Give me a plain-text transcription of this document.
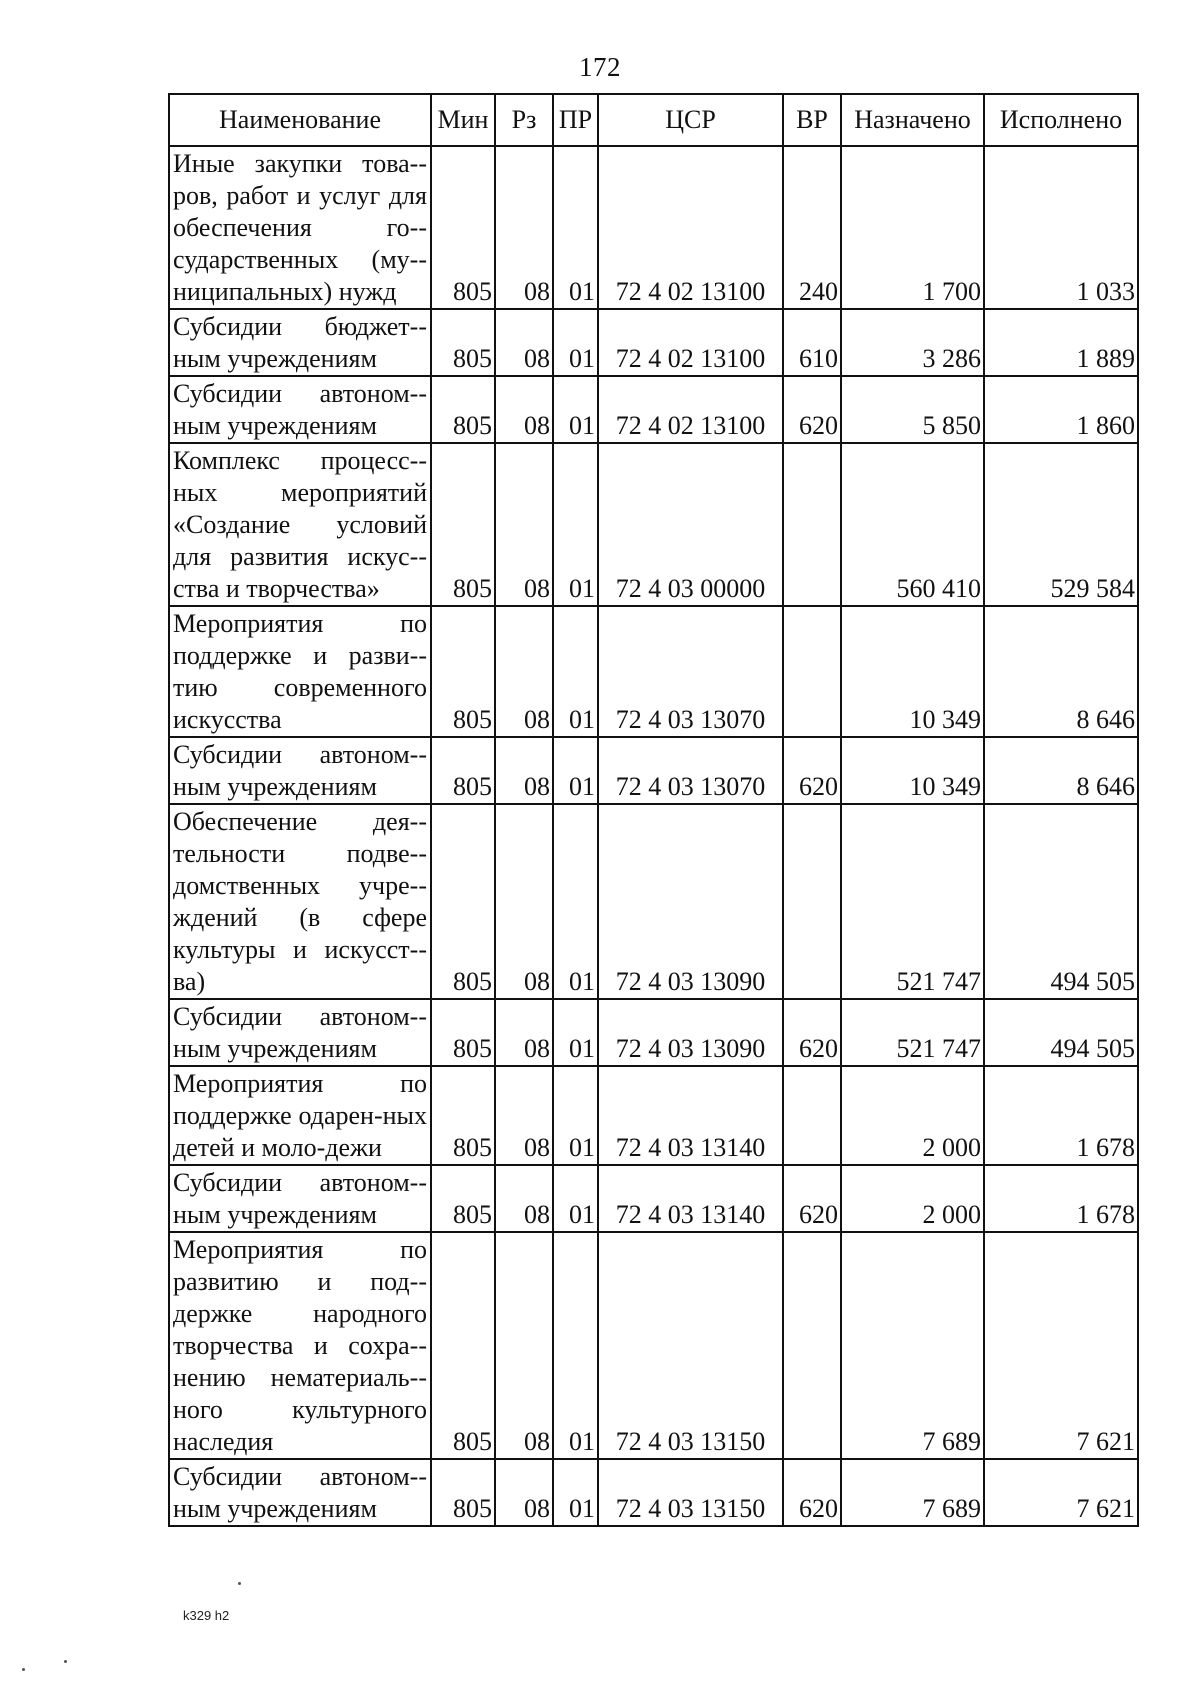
172
Наименование	Мин	Рз	ПР	ЦСР	ВР	Назначено	Исполнено
Иные закупки това-ров, работ и услуг для обеспечения го-сударственных (му-ниципальных) нужд	805	08	01	72 4 02 13100	240	1 700	1 033
Субсидии бюджет-ным учреждениям	805	08	01	72 4 02 13100	610	3 286	1 889
Субсидии автоном-ным учреждениям	805	08	01	72 4 02 13100	620	5 850	1 860
Комплекс процесс-ных мероприятий «Создание условий для развития искус-ства и творчества»	805	08	01	72 4 03 00000		560 410	529 584
Мероприятия по поддержке и разви-тию современного искусства	805	08	01	72 4 03 13070		10 349	8 646
Субсидии автоном-ным учреждениям	805	08	01	72 4 03 13070	620	10 349	8 646
Обеспечение дея-тельности подве-домственных учре-ждений (в сфере культуры и искусст-ва)	805	08	01	72 4 03 13090		521 747	494 505
Субсидии автоном-ным учреждениям	805	08	01	72 4 03 13090	620	521 747	494 505
Мероприятия по поддержке одарен-ных детей и моло-дежи	805	08	01	72 4 03 13140		2 000	1 678
Субсидии автоном-ным учреждениям	805	08	01	72 4 03 13140	620	2 000	1 678
Мероприятия по развитию и под-держке народного творчества и сохра-нению нематериаль-ного культурного наследия	805	08	01	72 4 03 13150		7 689	7 621
Субсидии автоном-ным учреждениям	805	08	01	72 4 03 13150	620	7 689	7 621
k329 h2
